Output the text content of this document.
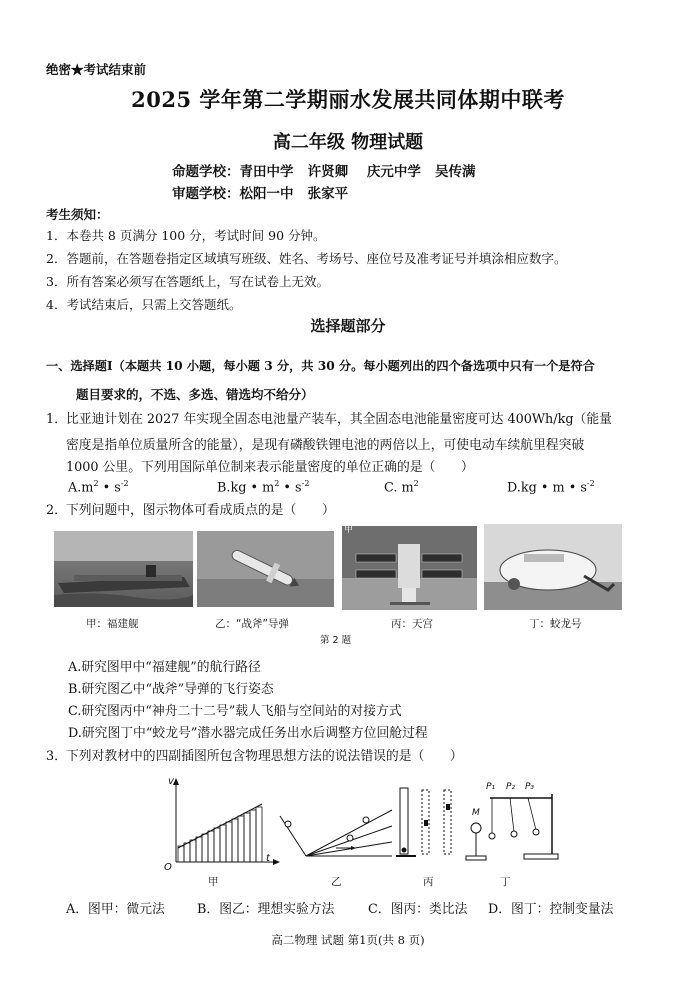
绝密★考试结束前
2025 学年第二学期丽水发展共同体期中联考
高二年级 物理试题
命题学校：青田中学 许贤卿 庆元中学 吴传满
审题学校：松阳一中 张家平
考生须知：
1．本卷共 8 页满分 100 分，考试时间 90 分钟。
2．答题前，在答题卷指定区域填写班级、姓名、考场号、座位号及准考证号并填涂相应数字。
3．所有答案必须写在答题纸上，写在试卷上无效。
4．考试结束后，只需上交答题纸。
选择题部分
一、选择题Ⅰ（本题共 10 小题，每小题 3 分，共 30 分。每小题列出的四个备选项中只有一个是符合
题目要求的，不选、多选、错选均不给分）
1．比亚迪计划在 2027 年实现全固态电池量产装车，其全固态电池能量密度可达 400Wh/kg（能量
密度是指单位质量所含的能量），是现有磷酸铁锂电池的两倍以上，可使电动车续航里程突破
1000 公里。下列用国际单位制来表示能量密度的单位正确的是（　　）
$A.m^2$ • $s^{-2}$	B.kg • $m^2$ • $s^{-2}$	C. $m^2$	D.kg • m • $s^{-2}$
2．下列问题中，图示物体可看成质点的是（　　）
甲
甲：福建舰	乙：“战斧”导弹	丙：天宫	丁：蛟龙号
第 2 题
A.研究图甲中“福建舰”的航行路径
B.研究图乙中“战斧”导弹的飞行姿态
C.研究图丙中“神舟二十二号”载人飞船与空间站的对接方式
D.研究图丁中“蛟龙号”潜水器完成任务出水后调整方位回舱过程
3．下列对教材中的四副插图所包含物理思想方法的说法错误的是（　　）
v
t
O
P₁ P₂ P₃
M
甲	乙	丙	丁
A．图甲：微元法	B．图乙：理想实验方法	C．图丙：类比法 D．图丁：控制变量法
高二物理 试题 第1页(共 8 页)
